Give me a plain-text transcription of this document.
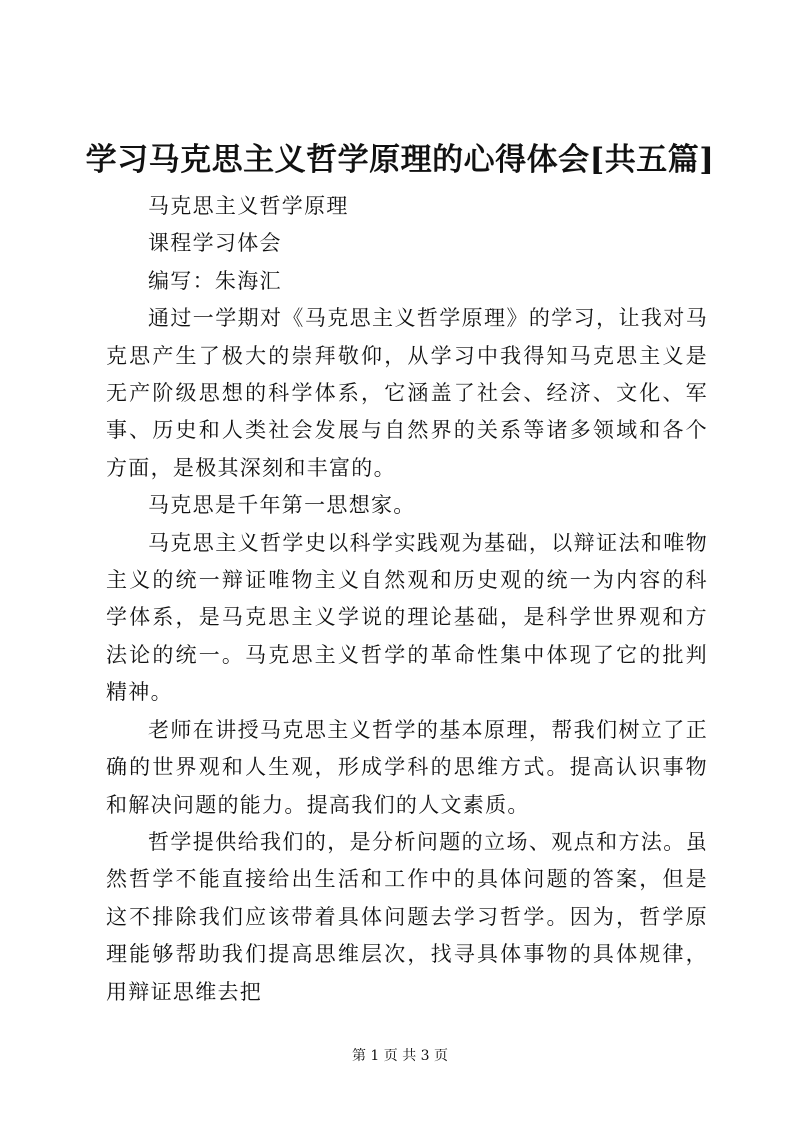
学习马克思主义哲学原理的心得体会[共五篇]

马克思主义哲学原理

课程学习体会

编写：朱海汇

通过一学期对《马克思主义哲学原理》的学习，让我对马克思产生了极大的崇拜敬仰，从学习中我得知马克思主义是无产阶级思想的科学体系，它涵盖了社会、经济、文化、军事、历史和人类社会发展与自然界的关系等诸多领域和各个方面，是极其深刻和丰富的。

马克思是千年第一思想家。

马克思主义哲学史以科学实践观为基础，以辩证法和唯物主义的统一辩证唯物主义自然观和历史观的统一为内容的科学体系，是马克思主义学说的理论基础，是科学世界观和方法论的统一。马克思主义哲学的革命性集中体现了它的批判精神。

老师在讲授马克思主义哲学的基本原理，帮我们树立了正确的世界观和人生观，形成学科的思维方式。提高认识事物和解决问题的能力。提高我们的人文素质。

哲学提供给我们的，是分析问题的立场、观点和方法。虽然哲学不能直接给出生活和工作中的具体问题的答案，但是这不排除我们应该带着具体问题去学习哲学。因为，哲学原理能够帮助我们提高思维层次，找寻具体事物的具体规律，用辩证思维去把

第 1 页 共 3 页
